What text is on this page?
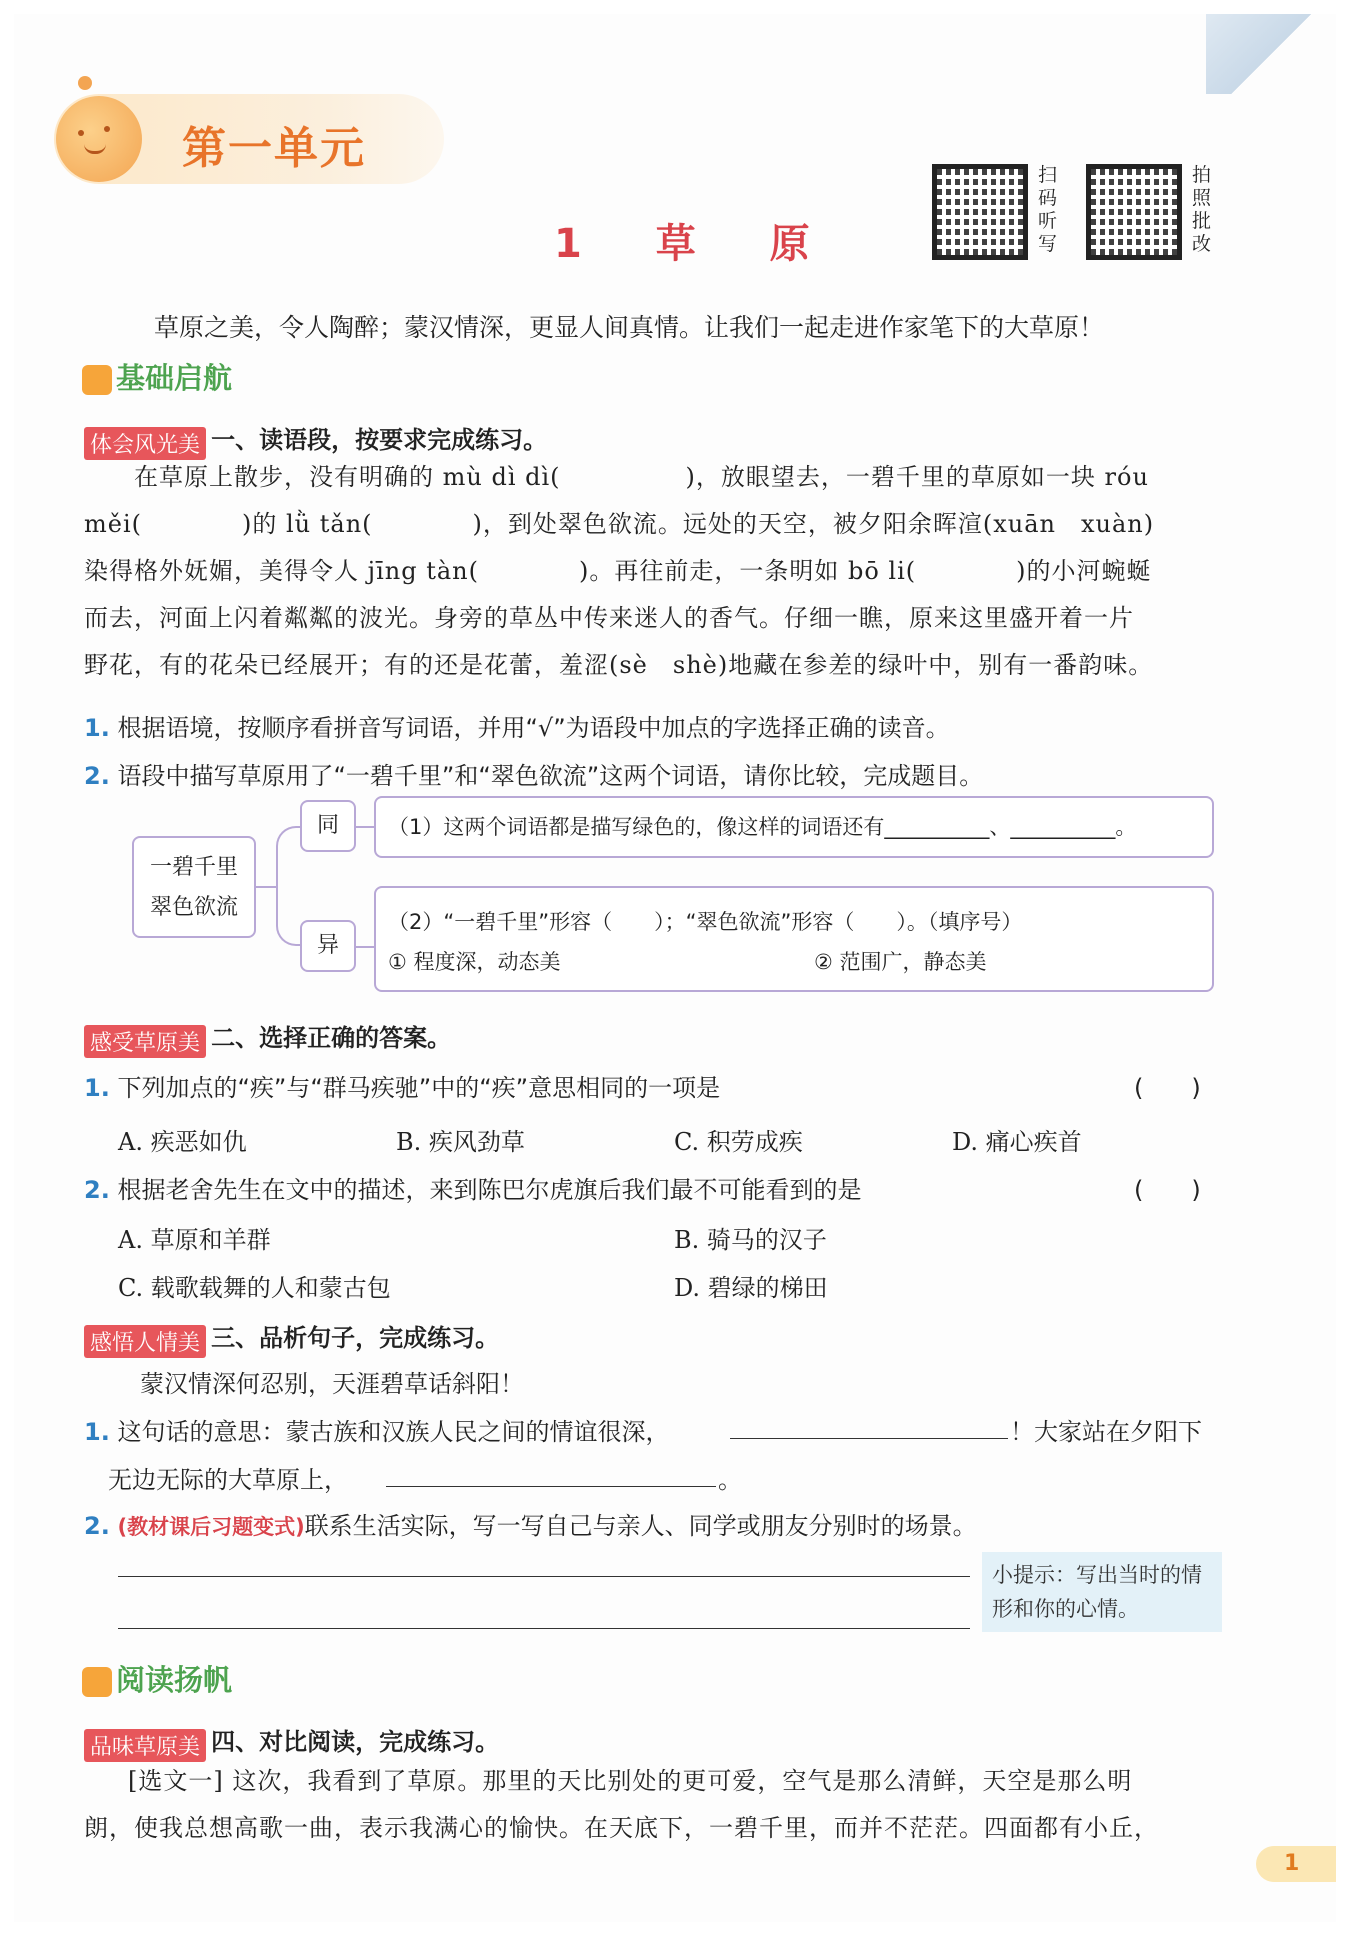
第一单元
1 草 原
扫码听写
拍照批改
草原之美，令人陶醉；蒙汉情深，更显人间真情。让我们一起走进作家笔下的大草原！
基础启航
体会风光美 一、读语段，按要求完成练习。
在草原上散步，没有明确的 mù dì dì(　　　　　)，放眼望去，一碧千里的草原如一块 róu
měi(　　　　)的 lǜ tǎn(　　　　)，到处翠色欲流。远处的天空，被夕阳余晖渲(xuān　xuàn)
染得格外妩媚，美得令人 jīng tàn(　　　　)。再往前走，一条明如 bō li(　　　　)的小河蜿蜒
而去，河面上闪着粼粼的波光。身旁的草丛中传来迷人的香气。仔细一瞧，原来这里盛开着一片
野花，有的花朵已经展开；有的还是花蕾，羞涩(sè　shè)地藏在参差的绿叶中，别有一番韵味。
1. 根据语境，按顺序看拼音写词语，并用“√”为语段中加点的字选择正确的读音。
2. 语段中描写草原用了“一碧千里”和“翠色欲流”这两个词语，请你比较，完成题目。
一碧千里
翠色欲流
同
异
（1）这两个词语都是描写绿色的，像这样的词语还有__________、__________。
（2）“一碧千里”形容（　　）；“翠色欲流”形容（　　）。（填序号）
① 程度深，动态美	② 范围广，静态美
感受草原美 二、选择正确的答案。
1. 下列加点的“疾”与“群马疾驰”中的“疾”意思相同的一项是	(　　)
A. 疾恶如仇	B. 疾风劲草	C. 积劳成疾	D. 痛心疾首
2. 根据老舍先生在文中的描述，来到陈巴尔虎旗后我们最不可能看到的是	(　　)
A. 草原和羊群	B. 骑马的汉子
C. 载歌载舞的人和蒙古包	D. 碧绿的梯田
感悟人情美 三、品析句子，完成练习。
蒙汉情深何忍别，天涯碧草话斜阳！
1. 这句话的意思：蒙古族和汉族人民之间的情谊很深，	！大家站在夕阳下
无边无际的大草原上，	。
2. (教材课后习题变式)联系生活实际，写一写自己与亲人、同学或朋友分别时的场景。
小提示：写出当时的情形和你的心情。
阅读扬帆
品味草原美 四、对比阅读，完成练习。
[选文一] 这次，我看到了草原。那里的天比别处的更可爱，空气是那么清鲜，天空是那么明
朗，使我总想高歌一曲，表示我满心的愉快。在天底下，一碧千里，而并不茫茫。四面都有小丘，
1
